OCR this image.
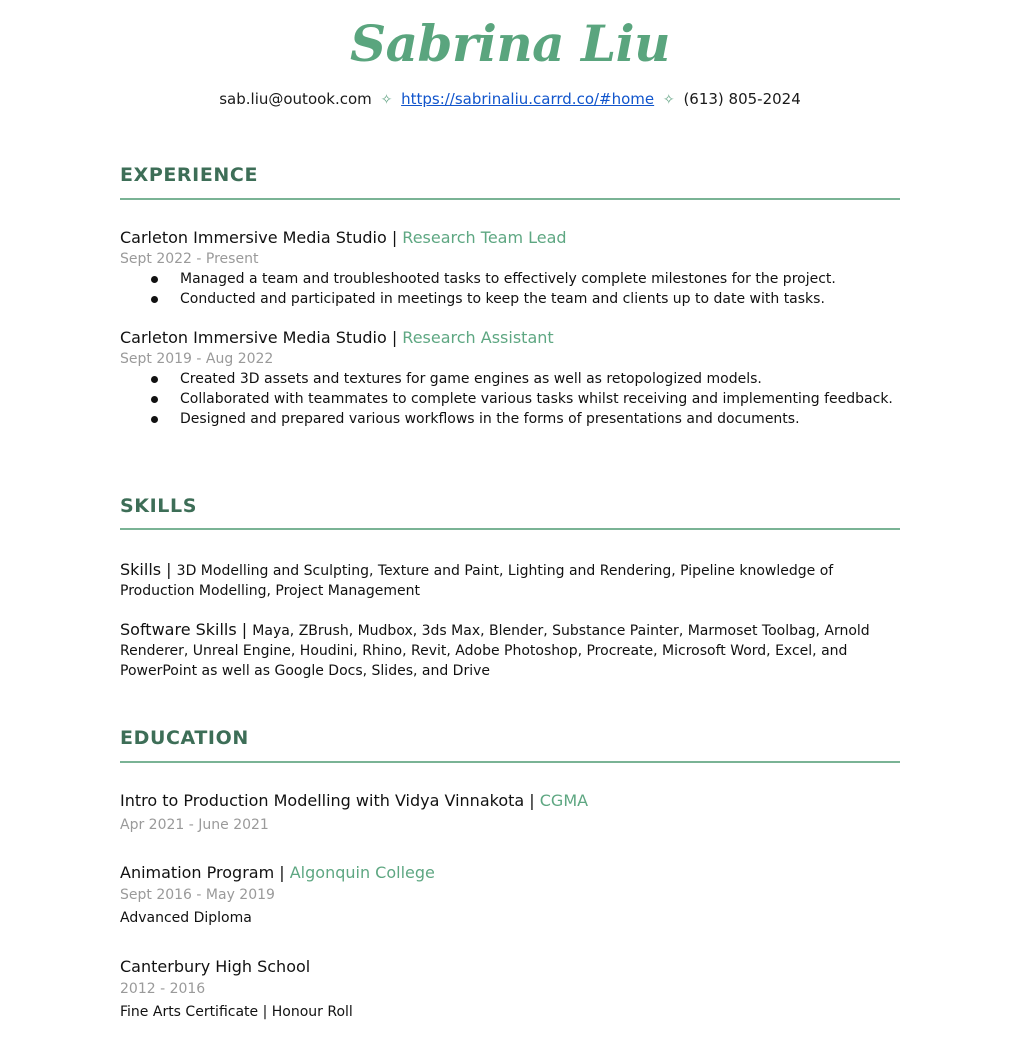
Sabrina Liu
sab.liu@outook.com ✧ https://sabrinaliu.carrd.co/#home ✧ (613) 805-2024
EXPERIENCE
Carleton Immersive Media Studio | Research Team Lead
Sept 2022 - Present
Managed a team and troubleshooted tasks to effectively complete milestones for the project.
Conducted and participated in meetings to keep the team and clients up to date with tasks.
Carleton Immersive Media Studio | Research Assistant
Sept 2019 - Aug 2022
Created 3D assets and textures for game engines as well as retopologized models.
Collaborated with teammates to complete various tasks whilst receiving and implementing feedback.
Designed and prepared various workflows in the forms of presentations and documents.
SKILLS
Skills | 3D Modelling and Sculpting, Texture and Paint, Lighting and Rendering, Pipeline knowledge of Production Modelling, Project Management
Software Skills | Maya, ZBrush, Mudbox, 3ds Max, Blender, Substance Painter, Marmoset Toolbag, Arnold Renderer, Unreal Engine, Houdini, Rhino, Revit, Adobe Photoshop, Procreate, Microsoft Word, Excel, and PowerPoint as well as Google Docs, Slides, and Drive
EDUCATION
Intro to Production Modelling with Vidya Vinnakota | CGMA
Apr 2021 - June 2021
Animation Program | Algonquin College
Sept 2016 - May 2019
Advanced Diploma
Canterbury High School
2012 - 2016
Fine Arts Certificate | Honour Roll
